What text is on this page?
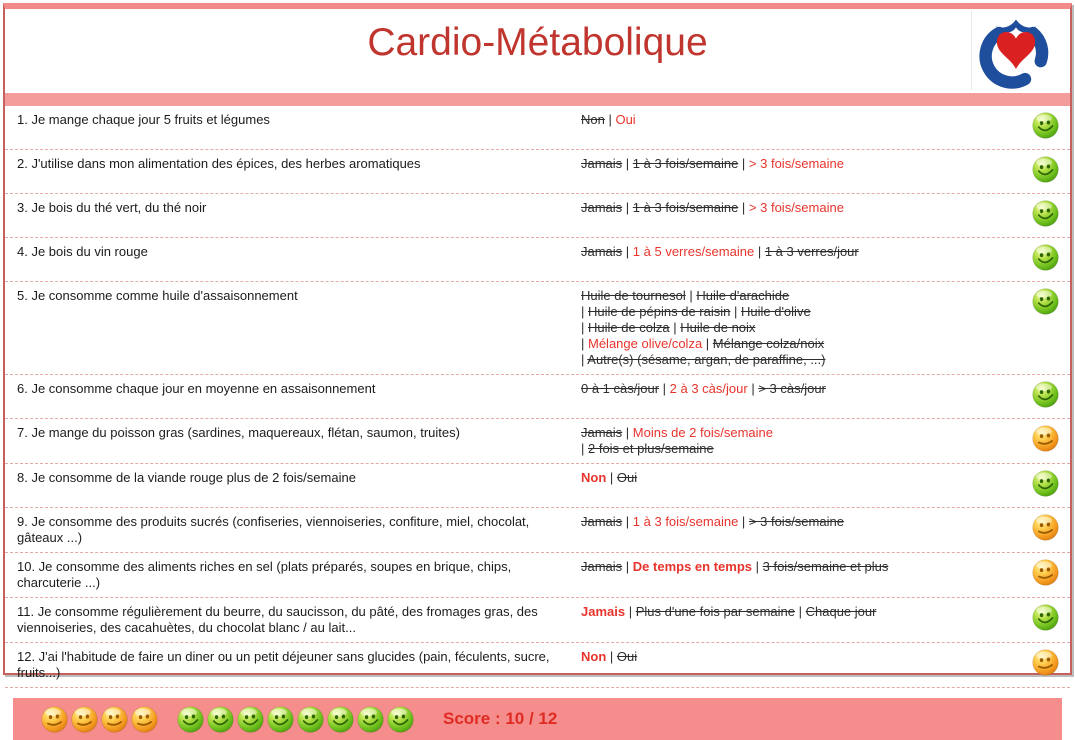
Cardio-Métabolique
1. Je mange chaque jour 5 fruits et légumes	Non | Oui
2. J'utilise dans mon alimentation des épices, des herbes aromatiques	Jamais | 1 à 3 fois/semaine | > 3 fois/semaine
3. Je bois du thé vert, du thé noir	Jamais | 1 à 3 fois/semaine | > 3 fois/semaine
4. Je bois du vin rouge	Jamais | 1 à 5 verres/semaine | 1 à 3 verres/jour
5. Je consomme comme huile d'assaisonnement	Huile de tournesol | Huile d'arachide
| Huile de pépins de raisin | Huile d'olive
| Huile de colza | Huile de noix
| Mélange olive/colza | Mélange colza/noix
| Autre(s) (sésame, argan, de paraffine, ...)
6. Je consomme chaque jour en moyenne en assaisonnement	0 à 1 càs/jour | 2 à 3 càs/jour | > 3 càs/jour
7. Je mange du poisson gras (sardines, maquereaux, flétan, saumon, truites)	Jamais | Moins de 2 fois/semaine
| 2 fois et plus/semaine
8. Je consomme de la viande rouge plus de 2 fois/semaine	Non | Oui
9. Je consomme des produits sucrés (confiseries, viennoiseries, confiture, miel, chocolat, gâteaux ...)
Jamais | 1 à 3 fois/semaine | > 3 fois/semaine
10. Je consomme des aliments riches en sel (plats préparés, soupes en brique, chips, charcuterie ...)
Jamais | De temps en temps | 3 fois/semaine et plus
11. Je consomme régulièrement du beurre, du saucisson, du pâté, des fromages gras, des viennoiseries, des cacahuètes, du chocolat blanc / au lait...
Jamais | Plus d'une fois par semaine | Chaque jour
12. J'ai l'habitude de faire un diner ou un petit déjeuner sans glucides (pain, féculents, sucre, fruits...)
Non | Oui
Score : 10 / 12
